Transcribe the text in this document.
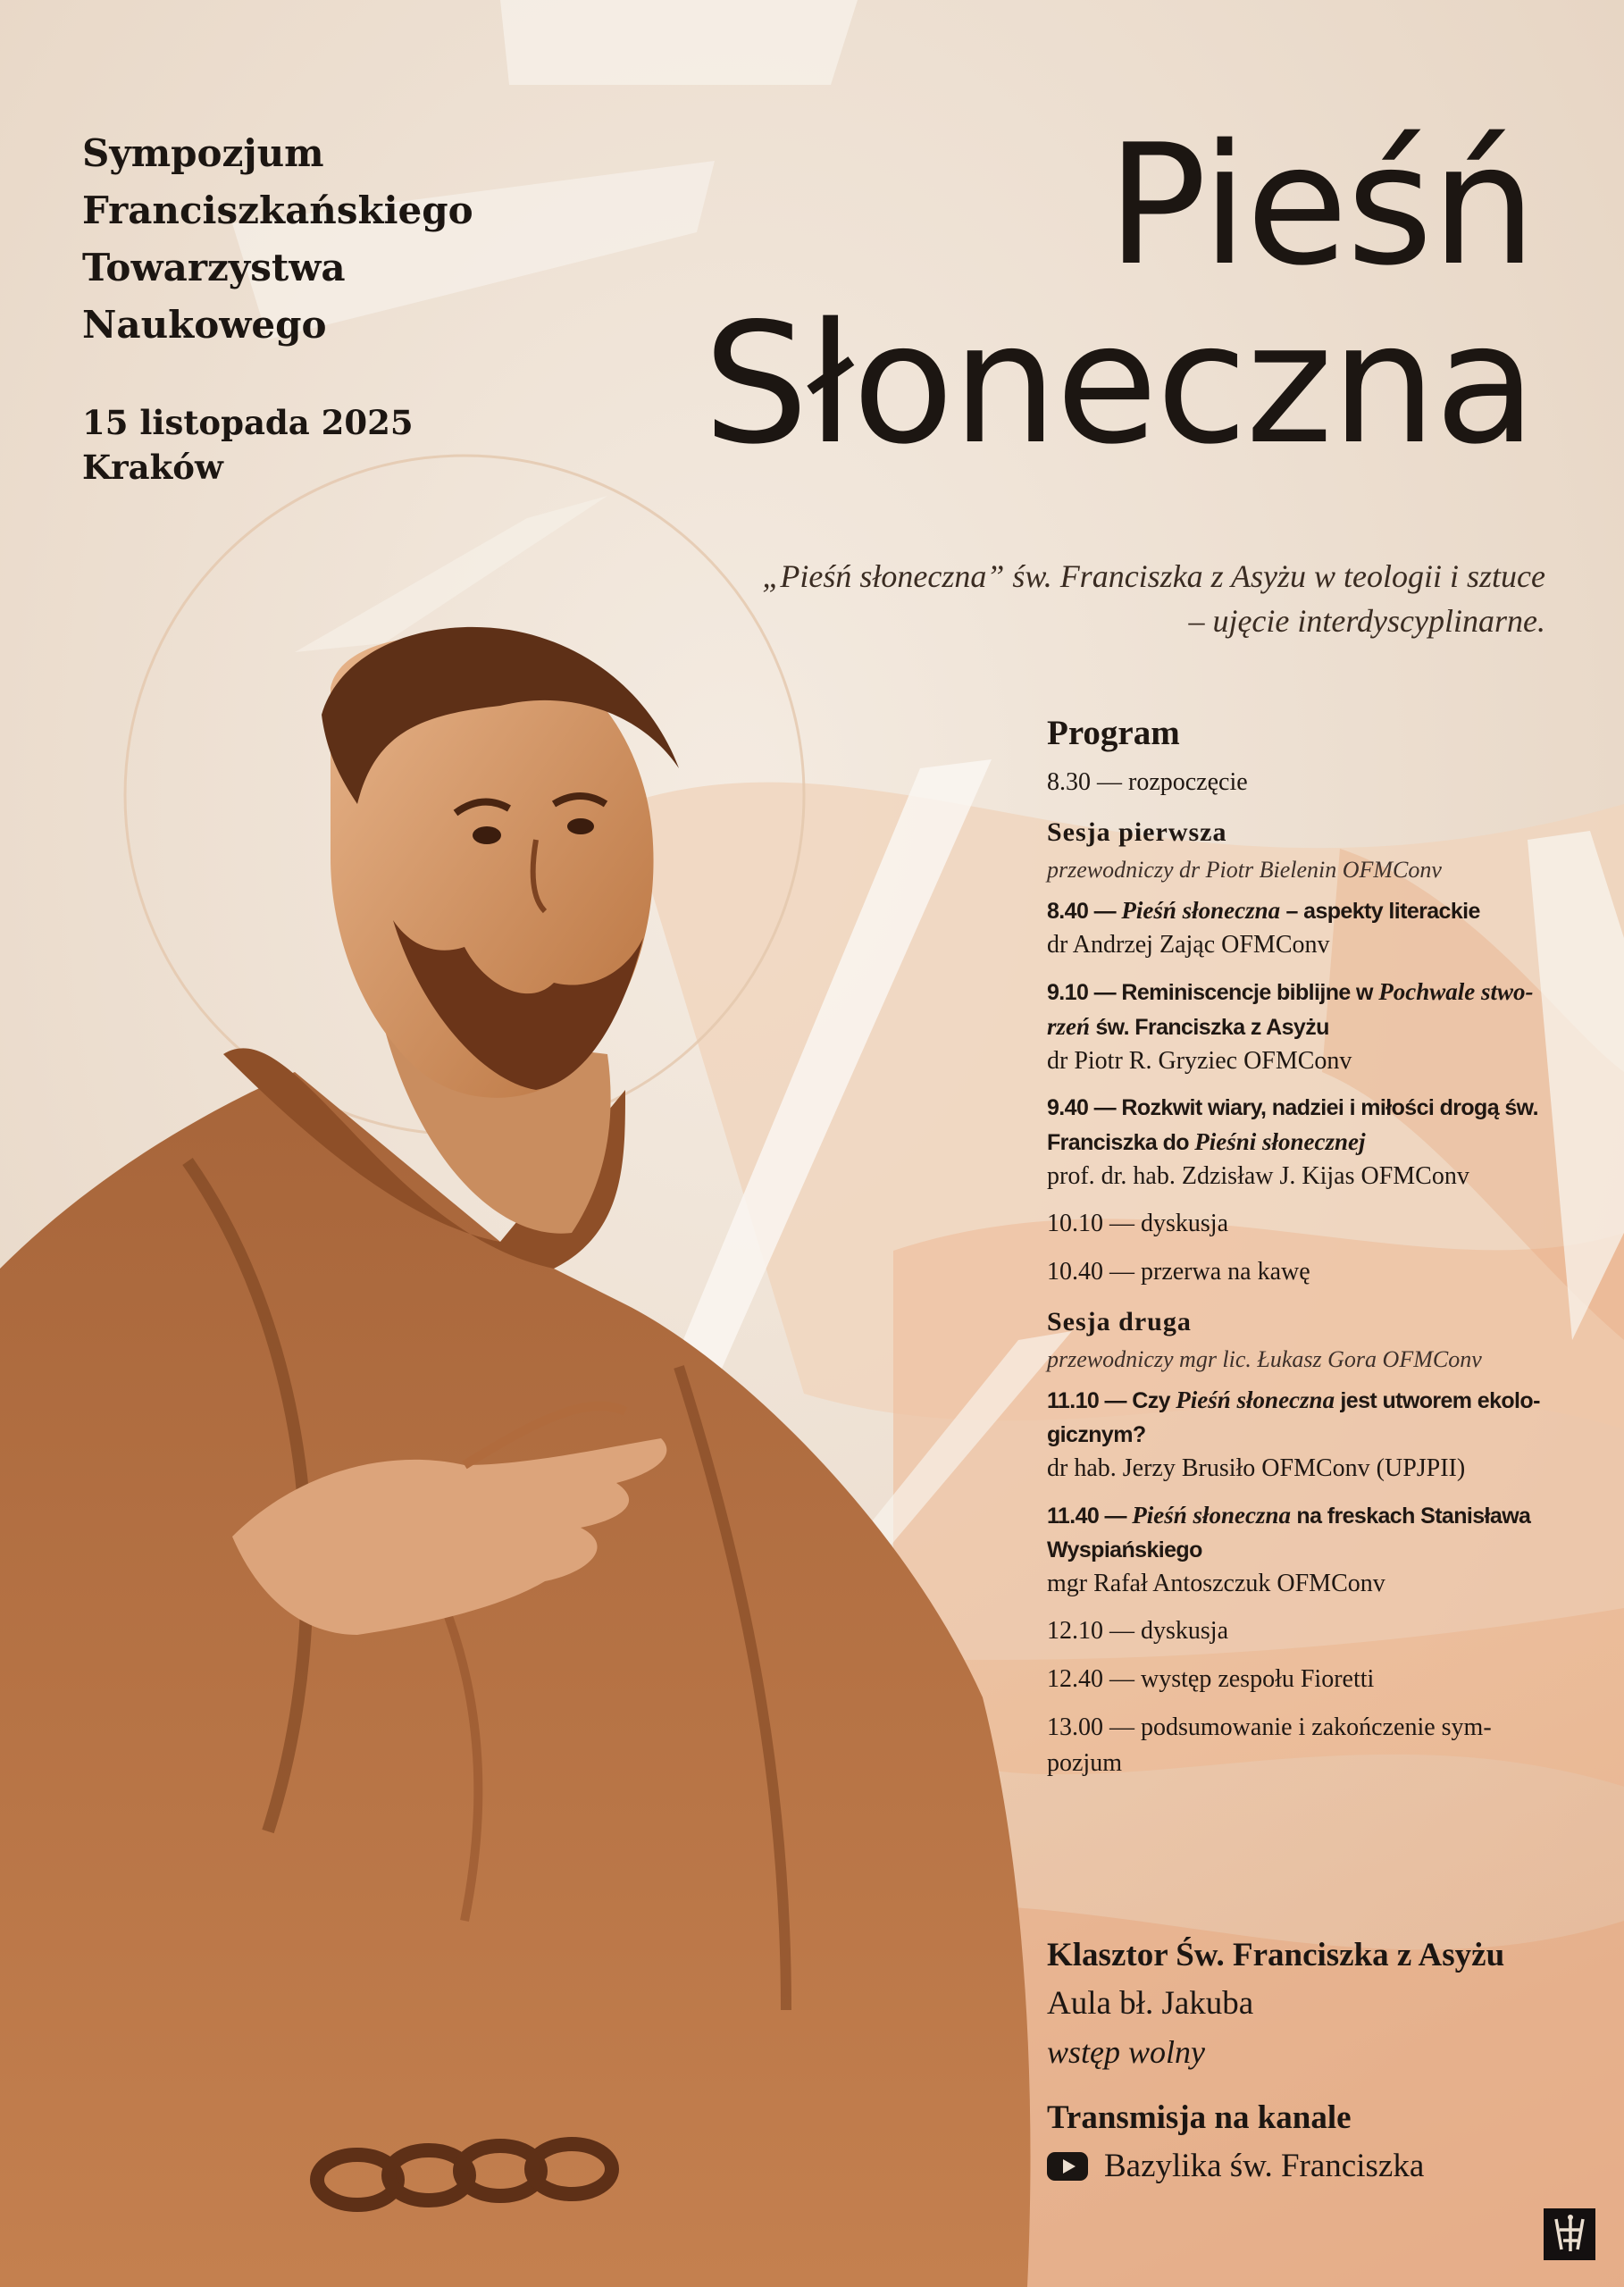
Sympozjum
Franciszkańskiego
Towarzystwa
Naukowego
15 listopada 2025
Kraków
Pieśń
Słoneczna
„Pieśń słoneczna” św. Franciszka z Asyżu w teologii i sztuce
– ujęcie interdyscyplinarne.
Program
8.30 — rozpoczęcie
Sesja pierwsza
przewodniczy dr Piotr Bielenin OFMConv
8.40 — Pieśń słoneczna – aspekty literackie
dr Andrzej Zając OFMConv
9.10 — Reminiscencje biblijne w Pochwale stwo-rzeń św. Franciszka z Asyżu
dr Piotr R. Gryziec OFMConv
9.40 — Rozkwit wiary, nadziei i miłości drogą św. Franciszka do Pieśni słonecznej
prof. dr. hab. Zdzisław J. Kijas OFMConv
10.10 — dyskusja
10.40 — przerwa na kawę
Sesja druga
przewodniczy mgr lic. Łukasz Gora OFMConv
11.10 — Czy Pieśń słoneczna jest utworem ekolo-gicznym?
dr hab. Jerzy Brusiło OFMConv (UPJPII)
11.40 — Pieśń słoneczna na freskach Stanisława Wyspiańskiego
mgr Rafał Antoszczuk OFMConv
12.10 — dyskusja
12.40 — występ zespołu Fioretti
13.00 — podsumowanie i zakończenie sym-pozjum
Klasztor Św. Franciszka z Asyżu
Aula bł. Jakuba
wstęp wolny
Transmisja na kanale
Bazylika św. Franciszka
